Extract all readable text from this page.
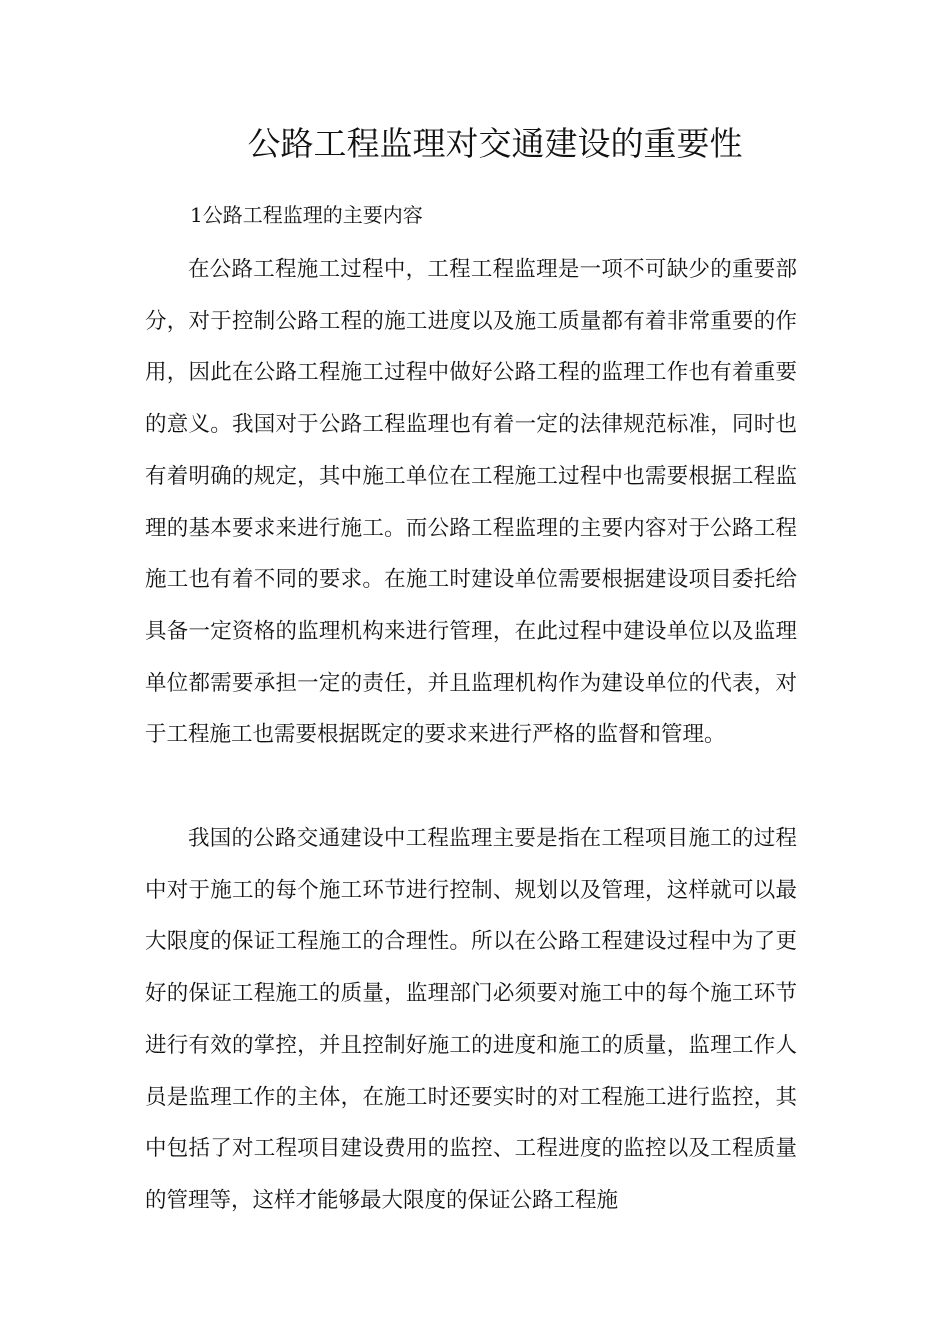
公路工程监理对交通建设的重要性
1公路工程监理的主要内容

在公路工程施工过程中，工程工程监理是一项不可缺少的重要部分，对于控制公路工程的施工进度以及施工质量都有着非常重要的作用，因此在公路工程施工过程中做好公路工程的监理工作也有着重要的意义。我国对于公路工程监理也有着一定的法律规范标准，同时也有着明确的规定，其中施工单位在工程施工过程中也需要根据工程监理的基本要求来进行施工。而公路工程监理的主要内容对于公路工程施工也有着不同的要求。在施工时建设单位需要根据建设项目委托给具备一定资格的监理机构来进行管理，在此过程中建设单位以及监理单位都需要承担一定的责任，并且监理机构作为建设单位的代表，对于工程施工也需要根据既定的要求来进行严格的监督和管理。

我国的公路交通建设中工程监理主要是指在工程项目施工的过程中对于施工的每个施工环节进行控制、规划以及管理，这样就可以最大限度的保证工程施工的合理性。所以在公路工程建设过程中为了更好的保证工程施工的质量，监理部门必须要对施工中的每个施工环节进行有效的掌控，并且控制好施工的进度和施工的质量，监理工作人员是监理工作的主体，在施工时还要实时的对工程施工进行监控，其中包括了对工程项目建设费用的监控、工程进度的监控以及工程质量的管理等，这样才能够最大限度的保证公路工程施
